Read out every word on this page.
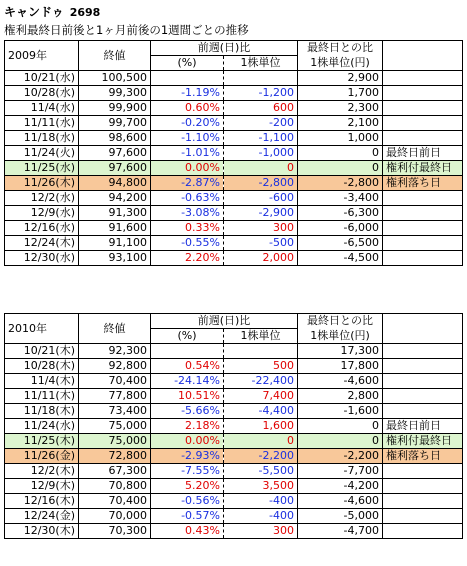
キャンドゥ 2698
権利最終日前後と1ヶ月前後の1週間ごとの推移
2009年	終値	前週(日)比		最終日との比	
		(%)	1株単位	1株単位(円)	
10/21(水)	100,500			2,900	
10/28(水)	99,300	-1.19%	-1,200	1,700	
11/4(水)	99,900	0.60%	600	2,300	
11/11(水)	99,700	-0.20%	-200	2,100	
11/18(水)	98,600	-1.10%	-1,100	1,000	
11/24(火)	97,600	-1.01%	-1,000	0	最終日前日
11/25(水)	97,600	0.00%	0	0	権利付最終日
11/26(木)	94,800	-2.87%	-2,800	-2,800	権利落ち日
12/2(水)	94,200	-0.63%	-600	-3,400	
12/9(水)	91,300	-3.08%	-2,900	-6,300	
12/16(水)	91,600	0.33%	300	-6,000	
12/24(木)	91,100	-0.55%	-500	-6,500	
12/30(水)	93,100	2.20%	2,000	-4,500	
2010年	終値	前週(日)比		最終日との比	
		(%)	1株単位	1株単位(円)	
10/21(木)	92,300			17,300	
10/28(木)	92,800	0.54%	500	17,800	
11/4(木)	70,400	-24.14%	-22,400	-4,600	
11/11(木)	77,800	10.51%	7,400	2,800	
11/18(木)	73,400	-5.66%	-4,400	-1,600	
11/24(水)	75,000	2.18%	1,600	0	最終日前日
11/25(木)	75,000	0.00%	0	0	権利付最終日
11/26(金)	72,800	-2.93%	-2,200	-2,200	権利落ち日
12/2(木)	67,300	-7.55%	-5,500	-7,700	
12/9(木)	70,800	5.20%	3,500	-4,200	
12/16(木)	70,400	-0.56%	-400	-4,600	
12/24(金)	70,000	-0.57%	-400	-5,000	
12/30(木)	70,300	0.43%	300	-4,700	
